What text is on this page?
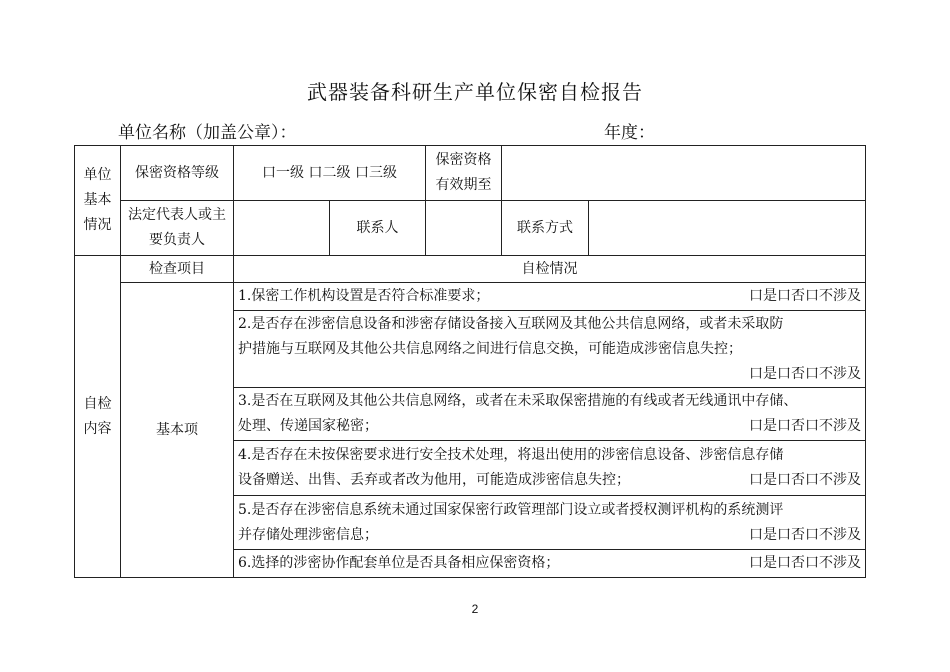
武器装备科研生产单位保密自检报告
单位名称（加盖公章）：	年度：
单位基本情况	保密资格等级	口一级 口二级 口三级		保密资格有效期至		
	法定代表人或主要负责人		联系人		联系方式	
自检内容	检查项目	自检情况				
	基本项	1.保密工作机构设置是否符合标准要求； 口是口否口不涉及				

		2.是否存在涉密信息设备和涉密存储设备接入互联网及其他公共信息网络，或者未采取防
护措施与互联网及其他公共信息网络之间进行信息交换，可能造成涉密信息失控；
口是口否口不涉及				

		3.是否在互联网及其他公共信息网络，或者在未采取保密措施的有线或者无线通讯中存储、
处理、传递国家秘密； 口是口否口不涉及				

		4.是否存在未按保密要求进行安全技术处理，将退出使用的涉密信息设备、涉密信息存储
设备赠送、出售、丢弃或者改为他用，可能造成涉密信息失控； 口是口否口不涉及				

		5.是否存在涉密信息系统未通过国家保密行政管理部门设立或者授权测评机构的系统测评
并存储处理涉密信息； 口是口否口不涉及				

		6.选择的涉密协作配套单位是否具备相应保密资格； 口是口否口不涉及				
2
